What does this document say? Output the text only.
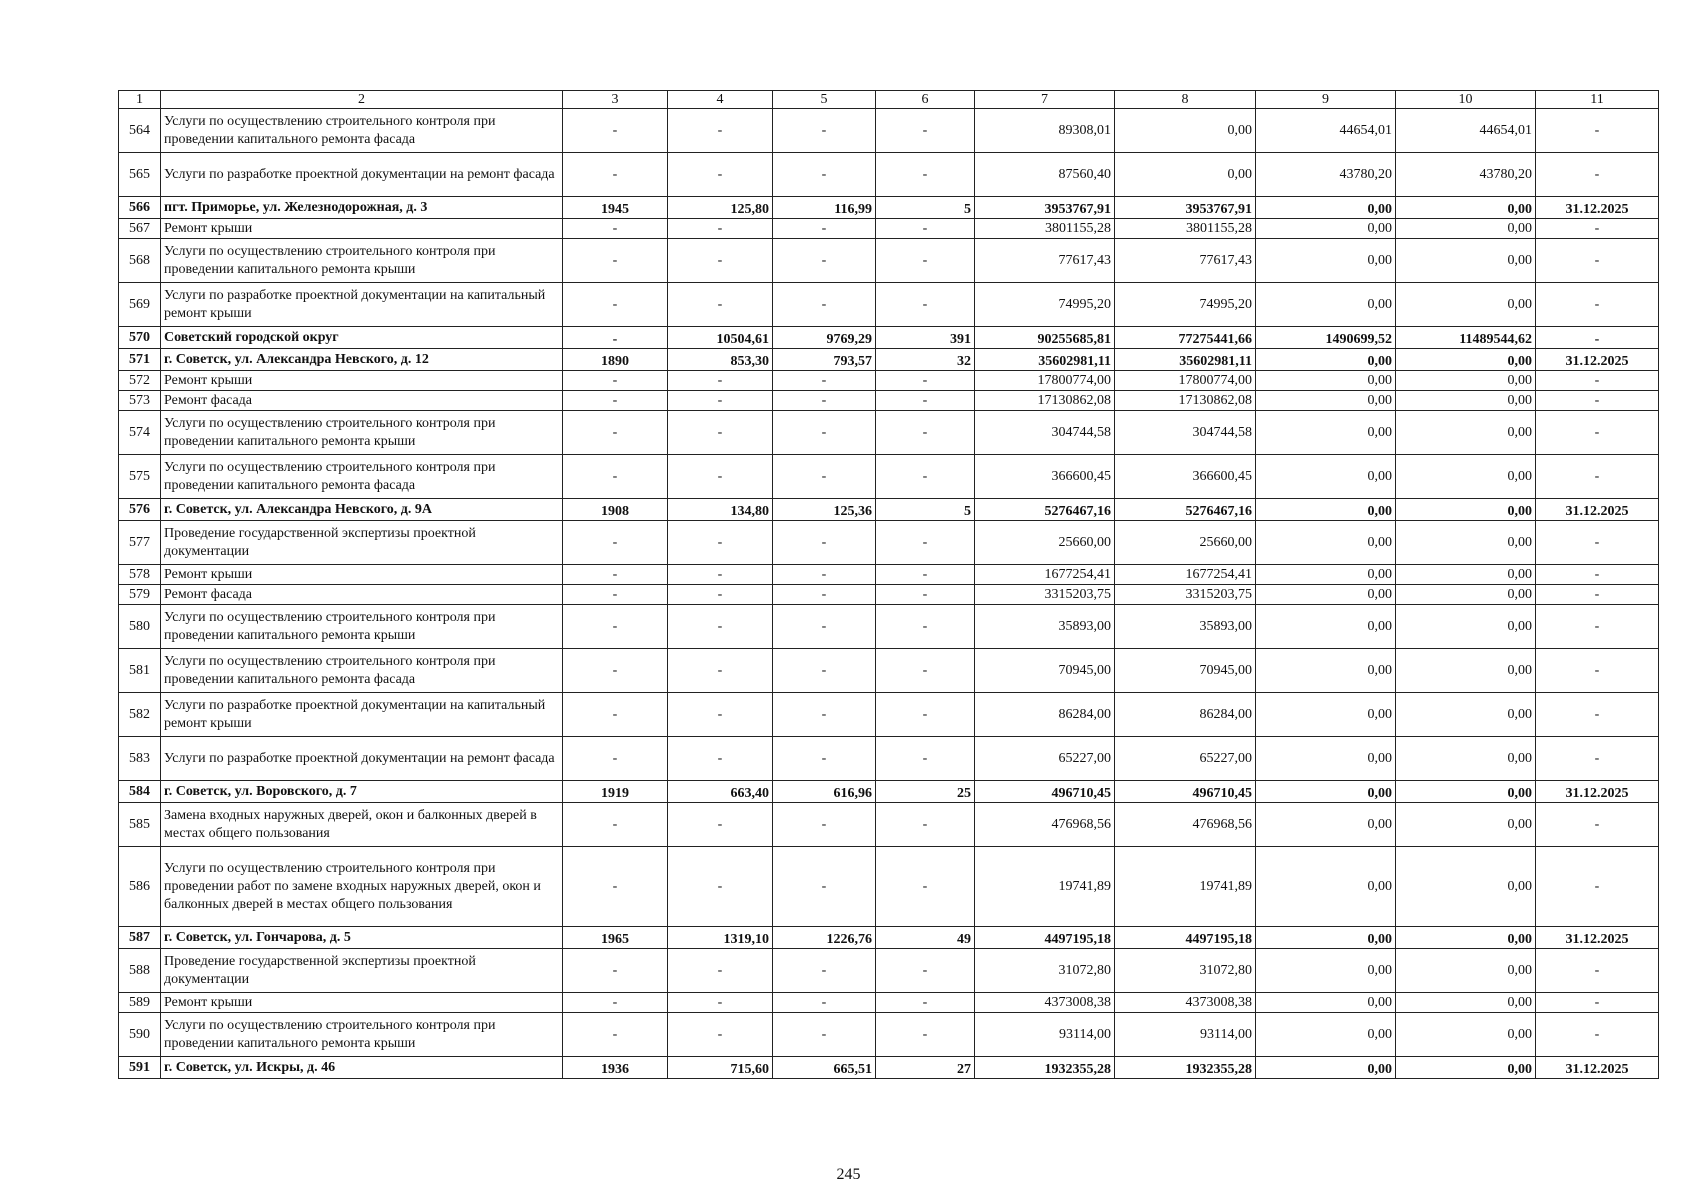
1	2	3	4	5	6	7	8	9	10	11
564	Услуги по осуществлению строительного контроля при проведении капитального ремонта фасада	-	-	-	-	89308,01	0,00	44654,01	44654,01	-
565	Услуги по разработке проектной документации на ремонт фасада	-	-	-	-	87560,40	0,00	43780,20	43780,20	-
566	пгт. Приморье, ул. Железнодорожная, д. 3	1945	125,80	116,99	5	3953767,91	3953767,91	0,00	0,00	31.12.2025
567	Ремонт крыши	-	-	-	-	3801155,28	3801155,28	0,00	0,00	-
568	Услуги по осуществлению строительного контроля при проведении капитального ремонта крыши	-	-	-	-	77617,43	77617,43	0,00	0,00	-
569	Услуги по разработке проектной документации на капитальный ремонт крыши	-	-	-	-	74995,20	74995,20	0,00	0,00	-
570	Советский городской округ	-	10504,61	9769,29	391	90255685,81	77275441,66	1490699,52	11489544,62	-
571	г. Советск, ул. Александра Невского, д. 12	1890	853,30	793,57	32	35602981,11	35602981,11	0,00	0,00	31.12.2025
572	Ремонт крыши	-	-	-	-	17800774,00	17800774,00	0,00	0,00	-
573	Ремонт фасада	-	-	-	-	17130862,08	17130862,08	0,00	0,00	-
574	Услуги по осуществлению строительного контроля при проведении капитального ремонта крыши	-	-	-	-	304744,58	304744,58	0,00	0,00	-
575	Услуги по осуществлению строительного контроля при проведении капитального ремонта фасада	-	-	-	-	366600,45	366600,45	0,00	0,00	-
576	г. Советск, ул. Александра Невского, д. 9А	1908	134,80	125,36	5	5276467,16	5276467,16	0,00	0,00	31.12.2025
577	Проведение государственной экспертизы проектной документации	-	-	-	-	25660,00	25660,00	0,00	0,00	-
578	Ремонт крыши	-	-	-	-	1677254,41	1677254,41	0,00	0,00	-
579	Ремонт фасада	-	-	-	-	3315203,75	3315203,75	0,00	0,00	-
580	Услуги по осуществлению строительного контроля при проведении капитального ремонта крыши	-	-	-	-	35893,00	35893,00	0,00	0,00	-
581	Услуги по осуществлению строительного контроля при проведении капитального ремонта фасада	-	-	-	-	70945,00	70945,00	0,00	0,00	-
582	Услуги по разработке проектной документации на капитальный ремонт крыши	-	-	-	-	86284,00	86284,00	0,00	0,00	-
583	Услуги по разработке проектной документации на ремонт фасада	-	-	-	-	65227,00	65227,00	0,00	0,00	-
584	г. Советск, ул. Воровского, д. 7	1919	663,40	616,96	25	496710,45	496710,45	0,00	0,00	31.12.2025
585	Замена входных наружных дверей, окон и балконных дверей в местах общего пользования	-	-	-	-	476968,56	476968,56	0,00	0,00	-
586	Услуги по осуществлению строительного контроля при проведении работ по замене входных наружных дверей, окон и балконных дверей в местах общего пользования	-	-	-	-	19741,89	19741,89	0,00	0,00	-
587	г. Советск, ул. Гончарова, д. 5	1965	1319,10	1226,76	49	4497195,18	4497195,18	0,00	0,00	31.12.2025
588	Проведение государственной экспертизы проектной документации	-	-	-	-	31072,80	31072,80	0,00	0,00	-
589	Ремонт крыши	-	-	-	-	4373008,38	4373008,38	0,00	0,00	-
590	Услуги по осуществлению строительного контроля при проведении капитального ремонта крыши	-	-	-	-	93114,00	93114,00	0,00	0,00	-
591	г. Советск, ул. Искры, д. 46	1936	715,60	665,51	27	1932355,28	1932355,28	0,00	0,00	31.12.2025
245
